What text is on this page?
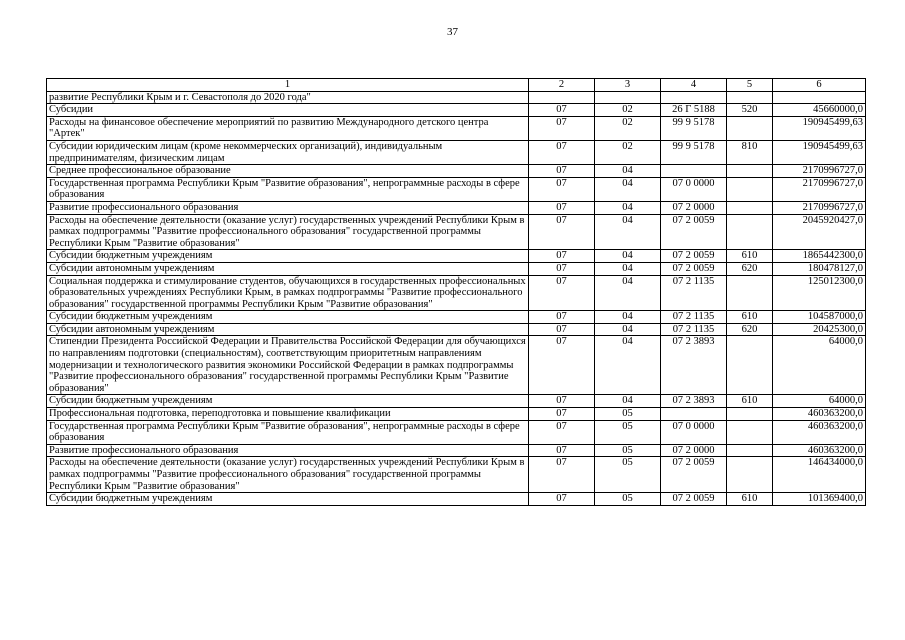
37
1	2	3	4	5	6
развитие Республики Крым и г. Севастополя до 2020 года"					
Субсидии	07	02	26 Г 5188	520	45660000,0
Расходы на финансовое обеспечение мероприятий по развитию Международного детского центра "Артек"	07	02	99 9 5178		190945499,63
Субсидии юридическим лицам (кроме некоммерческих организаций), индивидуальным предпринимателям, физическим лицам	07	02	99 9 5178	810	190945499,63
Среднее профессиональное образование	07	04			2170996727,0
Государственная программа Республики Крым "Развитие образования", непрограммные расходы в сфере образования	07	04	07 0 0000		2170996727,0
Развитие профессионального образования	07	04	07 2 0000		2170996727,0
Расходы на обеспечение деятельности (оказание услуг) государственных учреждений Республики Крым в рамках подпрограммы "Развитие профессионального образования" государственной программы Республики Крым "Развитие образования"	07	04	07 2 0059		2045920427,0
Субсидии бюджетным учреждениям	07	04	07 2 0059	610	1865442300,0
Субсидии автономным учреждениям	07	04	07 2 0059	620	180478127,0
Социальная поддержка и стимулирование студентов, обучающихся в государственных профессиональных образовательных учреждениях Республики Крым, в рамках подпрограммы "Развитие профессионального образования" государственной программы Республики Крым "Развитие образования"	07	04	07 2 1135		125012300,0
Субсидии бюджетным учреждениям	07	04	07 2 1135	610	104587000,0
Субсидии автономным учреждениям	07	04	07 2 1135	620	20425300,0
Стипендии Президента Российской Федерации и Правительства Российской Федерации для обучающихся по направлениям подготовки (специальностям), соответствующим приоритетным направлениям модернизации и технологического развития экономики Российской Федерации в рамках подпрограммы "Развитие профессионального образования" государственной программы Республики Крым "Развитие образования"	07	04	07 2 3893		64000,0
Субсидии бюджетным учреждениям	07	04	07 2 3893	610	64000,0
Профессиональная подготовка, переподготовка и повышение квалификации	07	05			460363200,0
Государственная программа Республики Крым "Развитие образования", непрограммные расходы в сфере образования	07	05	07 0 0000		460363200,0
Развитие профессионального образования	07	05	07 2 0000		460363200,0
Расходы на обеспечение деятельности (оказание услуг) государственных учреждений Республики Крым в рамках подпрограммы "Развитие профессионального образования" государственной программы Республики Крым "Развитие образования"	07	05	07 2 0059		146434000,0
Субсидии бюджетным учреждениям	07	05	07 2 0059	610	101369400,0
